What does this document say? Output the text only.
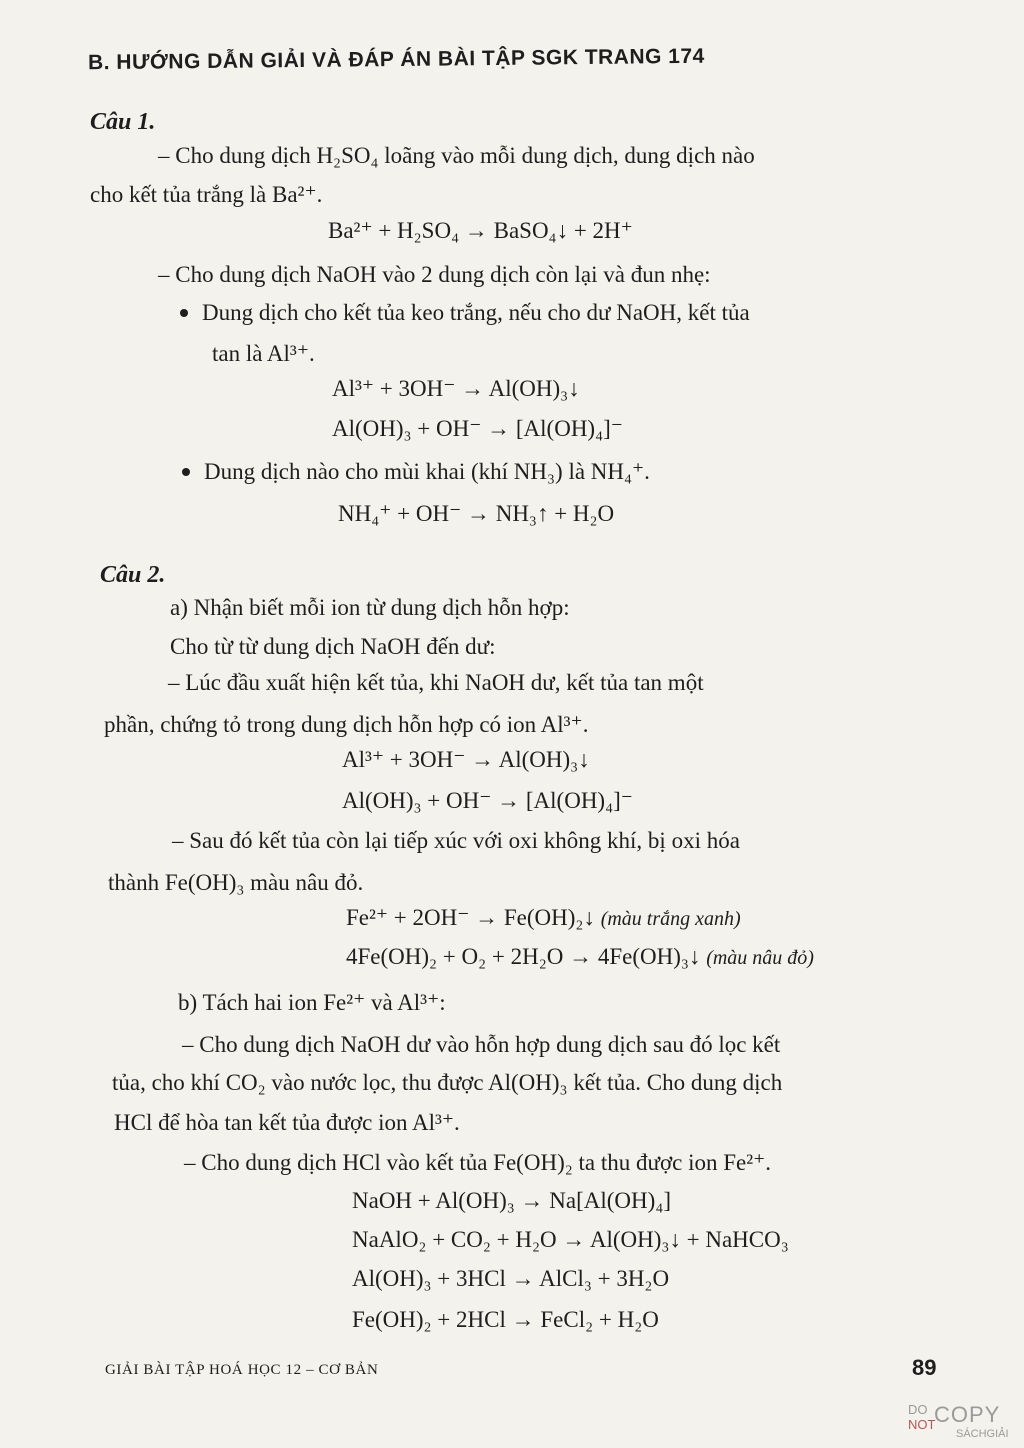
B. HƯỚNG DẪN GIẢI VÀ ĐÁP ÁN BÀI TẬP SGK TRANG 174
Câu 1.
– Cho dung dịch H₂SO₄ loãng vào mỗi dung dịch, dung dịch nào
cho kết tủa trắng là Ba²⁺.
Ba²⁺ + H₂SO₄ → BaSO₄↓ + 2H⁺
– Cho dung dịch NaOH vào 2 dung dịch còn lại và đun nhẹ:
Dung dịch cho kết tủa keo trắng, nếu cho dư NaOH, kết tủa
tan là Al³⁺.
Al³⁺ + 3OH⁻ → Al(OH)₃↓
Al(OH)₃ + OH⁻ → [Al(OH)₄]⁻
Dung dịch nào cho mùi khai (khí NH₃) là NH₄⁺.
NH₄⁺ + OH⁻ → NH₃↑ + H₂O
Câu 2.
a) Nhận biết mỗi ion từ dung dịch hỗn hợp:
Cho từ từ dung dịch NaOH đến dư:
– Lúc đầu xuất hiện kết tủa, khi NaOH dư, kết tủa tan một
phần, chứng tỏ trong dung dịch hỗn hợp có ion Al³⁺.
Al³⁺ + 3OH⁻ → Al(OH)₃↓
Al(OH)₃ + OH⁻ → [Al(OH)₄]⁻
– Sau đó kết tủa còn lại tiếp xúc với oxi không khí, bị oxi hóa
thành Fe(OH)₃ màu nâu đỏ.
Fe²⁺ + 2OH⁻ → Fe(OH)₂↓ (màu trắng xanh)
4Fe(OH)₂ + O₂ + 2H₂O → 4Fe(OH)₃↓ (màu nâu đỏ)
b) Tách hai ion Fe²⁺ và Al³⁺:
– Cho dung dịch NaOH dư vào hỗn hợp dung dịch sau đó lọc kết
tủa, cho khí CO₂ vào nước lọc, thu được Al(OH)₃ kết tủa. Cho dung dịch
HCl để hòa tan kết tủa được ion Al³⁺.
– Cho dung dịch HCl vào kết tủa Fe(OH)₂ ta thu được ion Fe²⁺.
NaOH + Al(OH)₃ → Na[Al(OH)₄]
NaAlO₂ + CO₂ + H₂O → Al(OH)₃↓ + NaHCO₃
Al(OH)₃ + 3HCl → AlCl₃ + 3H₂O
Fe(OH)₂ + 2HCl → FeCl₂ + H₂O
GIẢI BÀI TẬP HOÁ HỌC 12 – CƠ BẢN	89
DO
NOT
COPY
SÁCHGIẢI
